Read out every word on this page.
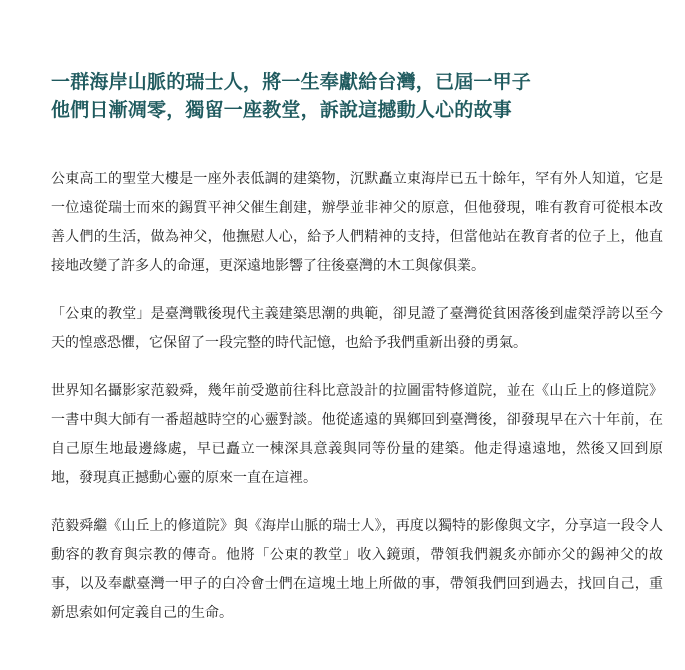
一群海岸山脈的瑞士人，將一生奉獻給台灣，已屆一甲子
他們日漸凋零，獨留一座教堂，訴說這撼動人心的故事

公東高工的聖堂大樓是一座外表低調的建築物，沉默矗立東海岸已五十餘年，罕有外人知道，它是一位遠從瑞士而來的錫質平神父催生創建，辦學並非神父的原意，但他發現，唯有教育可從根本改善人們的生活，做為神父，他撫慰人心，給予人們精神的支持，但當他站在教育者的位子上，他直接地改變了許多人的命運，更深遠地影響了往後臺灣的木工與傢俱業。

「公東的教堂」是臺灣戰後現代主義建築思潮的典範，卻見證了臺灣從貧困落後到虛榮浮誇以至今天的惶惑恐懼，它保留了一段完整的時代記憶，也給予我們重新出發的勇氣。

世界知名攝影家范毅舜，幾年前受邀前往科比意設計的拉圖雷特修道院，並在《山丘上的修道院》一書中與大師有一番超越時空的心靈對談。他從遙遠的異鄉回到臺灣後，卻發現早在六十年前，在自己原生地最邊緣處，早已矗立一棟深具意義與同等份量的建築。他走得遠遠地，然後又回到原地，發現真正撼動心靈的原來一直在這裡。

范毅舜繼《山丘上的修道院》與《海岸山脈的瑞士人》，再度以獨特的影像與文字，分享這一段令人動容的教育與宗教的傳奇。他將「公東的教堂」收入鏡頭，帶領我們親炙亦師亦父的錫神父的故事，以及奉獻臺灣一甲子的白冷會士們在這塊土地上所做的事，帶領我們回到過去，找回自己，重新思索如何定義自己的生命。
